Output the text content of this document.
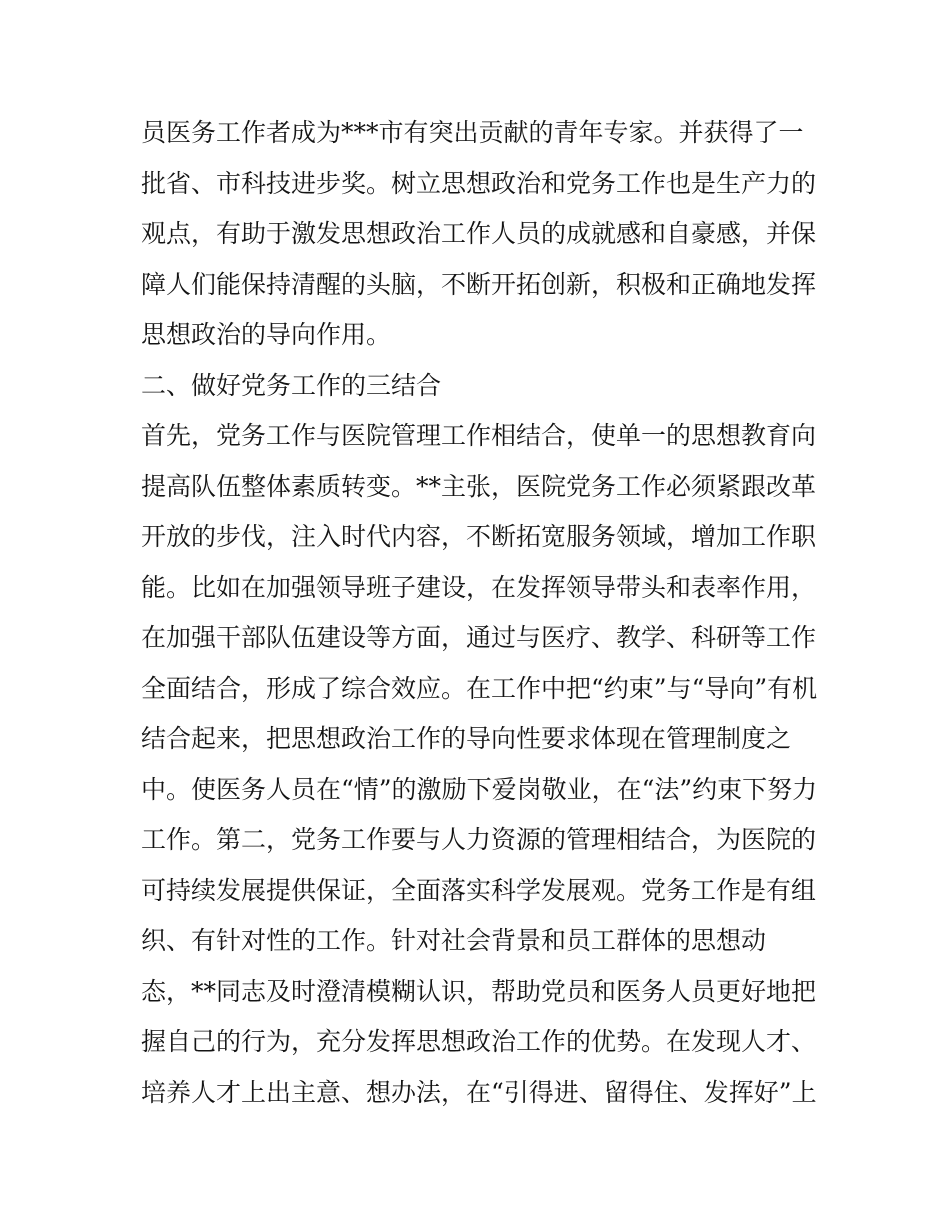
员医务工作者成为***市有突出贡献的青年专家。并获得了一
批省、市科技进步奖。树立思想政治和党务工作也是生产力的
观点，有助于激发思想政治工作人员的成就感和自豪感，并保
障人们能保持清醒的头脑，不断开拓创新，积极和正确地发挥
思想政治的导向作用。
二、做好党务工作的三结合
首先，党务工作与医院管理工作相结合，使单一的思想教育向
提高队伍整体素质转变。**主张，医院党务工作必须紧跟改革
开放的步伐，注入时代内容，不断拓宽服务领域，增加工作职
能。比如在加强领导班子建设，在发挥领导带头和表率作用，
在加强干部队伍建设等方面，通过与医疗、教学、科研等工作
全面结合，形成了综合效应。在工作中把“约束”与“导向”有机
结合起来，把思想政治工作的导向性要求体现在管理制度之
中。使医务人员在“情”的激励下爱岗敬业，在“法”约束下努力
工作。第二，党务工作要与人力资源的管理相结合，为医院的
可持续发展提供保证，全面落实科学发展观。党务工作是有组
织、有针对性的工作。针对社会背景和员工群体的思想动
态，**同志及时澄清模糊认识，帮助党员和医务人员更好地把
握自己的行为，充分发挥思想政治工作的优势。在发现人才、
培养人才上出主意、想办法，在“引得进、留得住、发挥好”上
